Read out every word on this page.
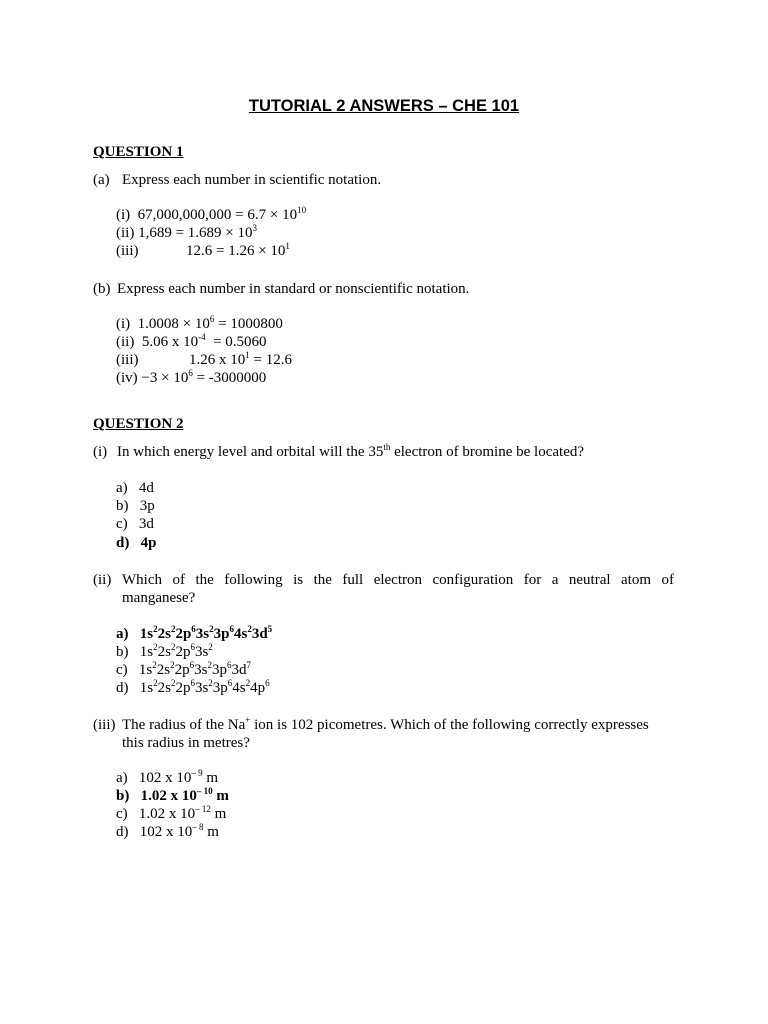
TUTORIAL 2 ANSWERS – CHE 101
QUESTION 1
(a) Express each number in scientific notation.
(i) $67,000,000,000 = 6.7 \times 10^{10}$
(ii) $1,689 = 1.689 \times 10^3$
(iii)	$12.6 = 1.26 \times 10^1$
(b) Express each number in standard or nonscientific notation.
(i) $1.0008 \times 10^6 = 1000800$
(ii) 5.06 x $10^{-4} = 0.5060$
(iii)	1.26 x $10^1 = 12.6$
$(iv) -3 \times 10^6 = -3000000$
QUESTION 2
(i) In which energy level and orbital will the 35th electron of bromine be located?
a) 4d
b) 3p
c) 3d
d) 4p
(ii) Which of the following is the full electron configuration for a neutral atom of
manganese?
a) $1s^22s^22p^63s^23p^64s^23d^5$
b) $1s^22s^22p^63s^2$
c) $1s^22s^22p^63s^23p^63d^7$
d) $1s^22s^22p^63s^23p^64s^24p^6$
(iii) The radius of the Na+ ion is 102 picometres. Which of the following correctly expresses
this radius in metres?
a) 102 x $10^{‒ 9}$ m
b) 1.02 x $10^{‒ 10}$ m
c) 1.02 x $10^{‒ 12}$ m
d) 102 x $10^{‒ 8}$ m
